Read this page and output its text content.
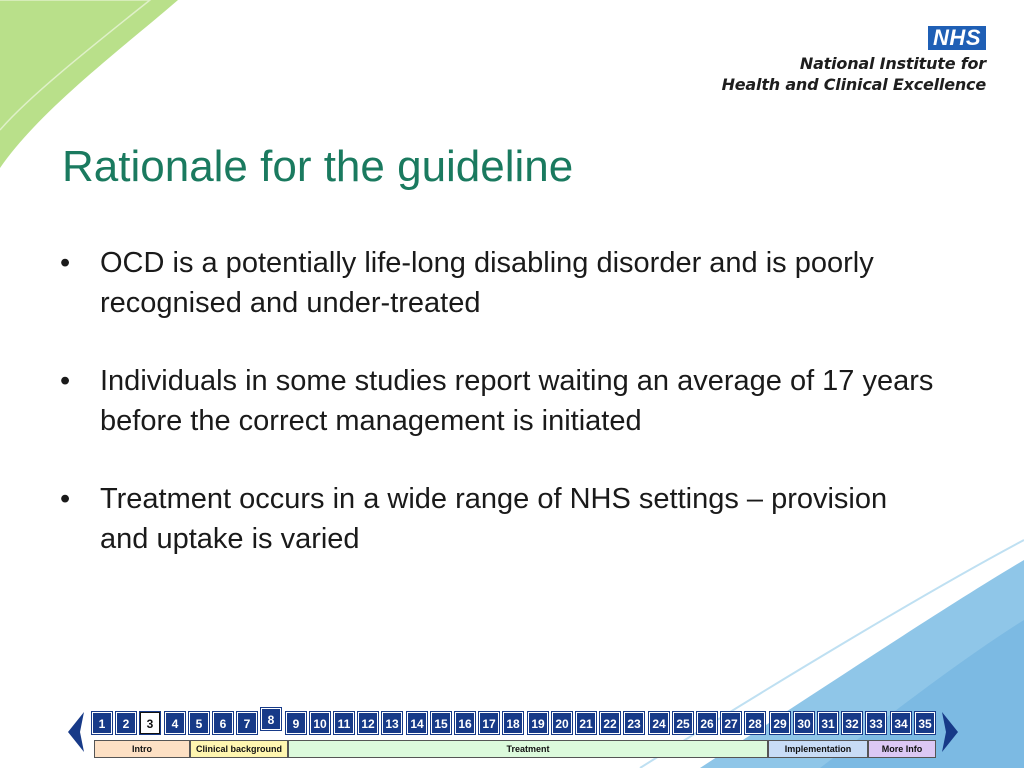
NHS
National Institute for
Health and Clinical Excellence
Rationale for the guideline
• OCD is a potentially life-long disabling disorder and is poorly recognised and under-treated
• Individuals in some studies report waiting an average of 17 years before the correct management is initiated
• Treatment occurs in a wide range of NHS settings – provision and uptake is varied
1	2	3	4	5	6	7	8	9	10 11 12 13 14 15 16 17 18 19 20 21 22 23 24 25 26 27 28 29 30 31 32 33 34 35
Intro	Clinical background	Treatment	Implementation	More Info
